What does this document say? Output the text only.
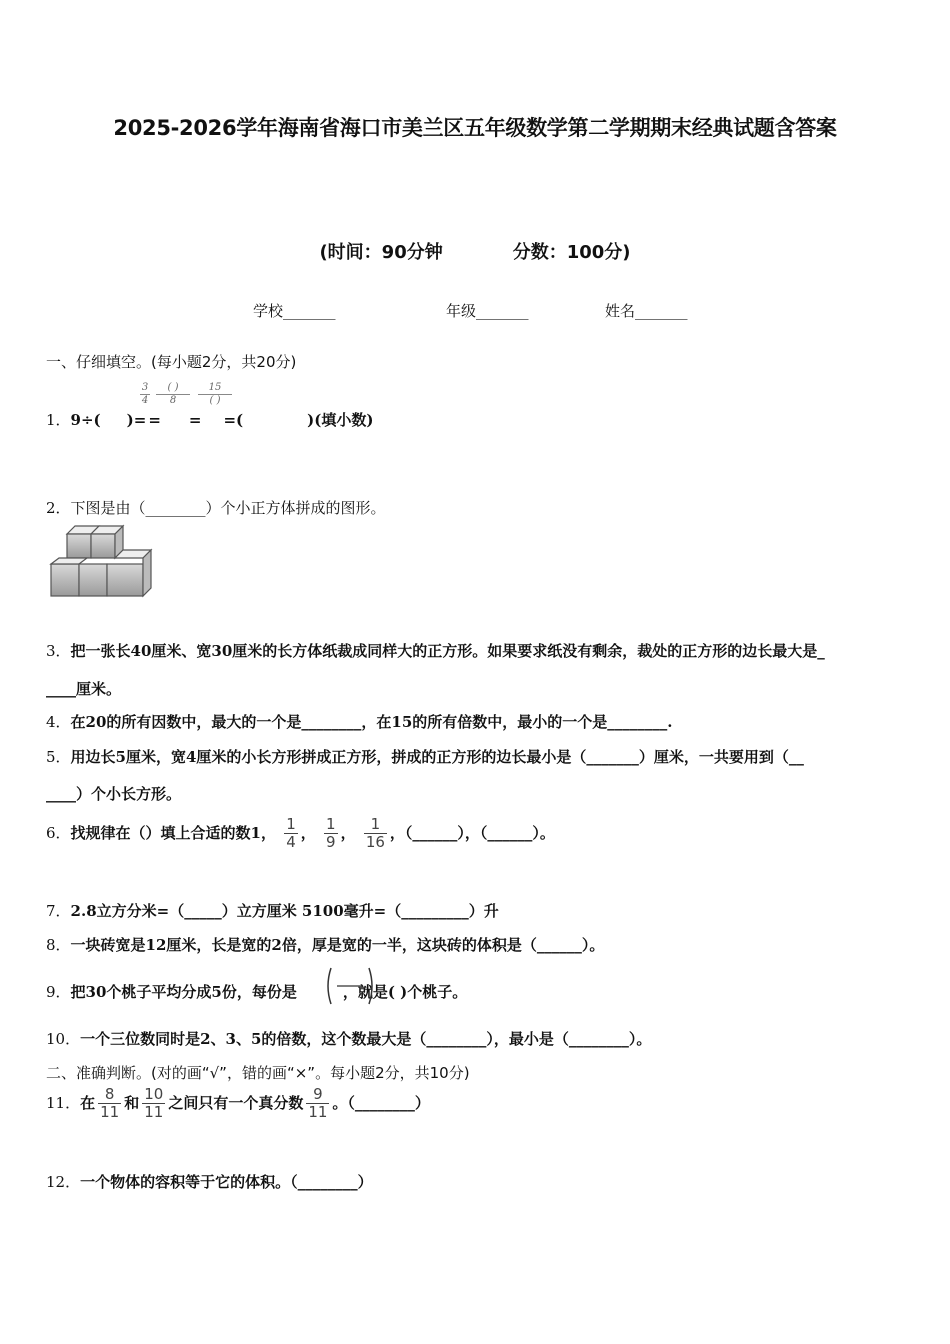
2025-2026学年海南省海口市美兰区五年级数学第二学期期末经典试题含答案
(时间：90分钟	分数：100分)
学校_______	年级_______	姓名_______
一、仔细填空。(每小题2分，共20分)
$\frac{3}{4}$	( )
8
15
( )
1．9÷( )= = = =(	)(填小数)
2．下图是由（________）个小正方体拼成的图形。
3．把一张长40厘米、宽30厘米的长方体纸裁成同样大的正方形。如果要求纸没有剩余，裁处的正方形的边长最大是_
____厘米。
4．在20的所有因数中，最大的一个是________，在15的所有倍数中，最小的一个是________.
5．用边长5厘米，宽4厘米的小长方形拼成正方形，拼成的正方形的边长最小是（_______）厘米，一共要用到（__
____）个小长方形。
6．找规律在（）填上合适的数1， $\frac{1}{4}$ ， $\frac{1}{9}$ ， $\frac{1}{16}$ ，（______），（______）。
7．2.8立方分米=（_____）立方厘米 5100毫升=（_________）升
8．一块砖宽是12厘米，长是宽的2倍，厚是宽的一半，这块砖的体积是（______）。
9．把30个桃子平均分成5份，每份是	，就是( )个桃子。
10．一个三位数同时是2、3、5的倍数，这个数最大是（________），最小是（________）。
二、准确判断。(对的画“√”，错的画“×”。每小题2分，共10分)
11．在 $\frac{8}{11}$ 和 $\frac{10}{11}$ 之间只有一个真分数 $\frac{9}{11}$ 。（________）
12．一个物体的容积等于它的体积。（________）
